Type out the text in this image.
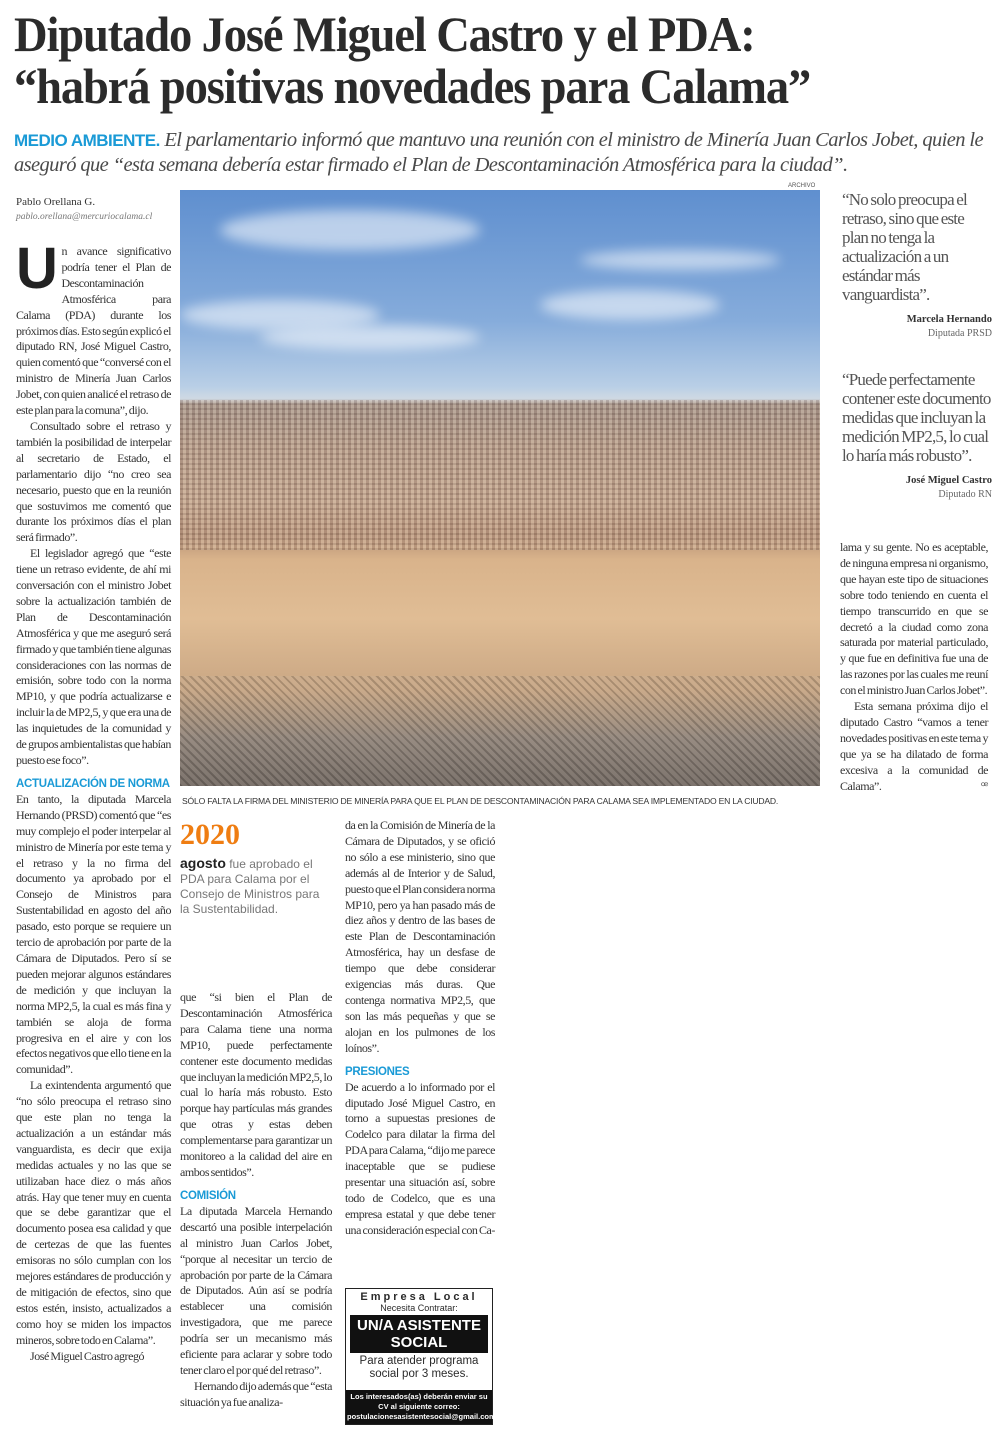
Diputado José Miguel Castro y el PDA:
“habrá positivas novedades para Calama”
MEDIO AMBIENTE. El parlamentario informó que mantuvo una reunión con el ministro de Minería Juan Carlos Jobet, quien le aseguró que “esta semana debería estar firmado el Plan de Descontaminación Atmosférica para la ciudad”.
Pablo Orellana G.
pablo.orellana@mercuriocalama.cl
ARCHIVO
SÓLO FALTA LA FIRMA DEL MINISTERIO DE MINERÍA PARA QUE EL PLAN DE DESCONTAMINACIÓN PARA CALAMA SEA IMPLEMENTADO EN LA CIUDAD.
“No solo preocupa el retraso, sino que este plan no tenga la actualización a un estándar más vanguardista”.
Marcela Hernando
Diputada PRSD
“Puede perfectamente contener este documento medidas que incluyan la medición MP2,5, lo cual lo haría más robusto”.
José Miguel Castro
Diputado RN

Un avance significativo podría tener el Plan de Descontaminación Atmosférica para Calama (PDA) durante los próximos días. Esto según explicó el diputado RN, José Miguel Castro, quien comentó que “conversé con el ministro de Minería Juan Carlos Jobet, con quien analicé el retraso de este plan para la comuna”, dijo.

Consultado sobre el retraso y también la posibilidad de interpelar al secretario de Estado, el parlamentario dijo “no creo sea necesario, puesto que en la reunión que sostuvimos me comentó que durante los próximos días el plan será firmado”.

El legislador agregó que “este tiene un retraso evidente, de ahí mi conversación con el ministro Jobet sobre la actualización también de Plan de Descontaminación Atmosférica y que me aseguró será firmado y que también tiene algunas consideraciones con las normas de emisión, sobre todo con la norma MP10, y que podría actualizarse e incluir la de MP2,5, y que era una de las inquietudes de la comunidad y de grupos ambientalistas que habían puesto ese foco”.

ACTUALIZACIÓN DE NORMA

En tanto, la diputada Marcela Hernando (PRSD) comentó que “es muy complejo el poder interpelar al ministro de Minería por este tema y el retraso y la no firma del documento ya aprobado por el Consejo de Ministros para Sustentabilidad en agosto del año pasado, esto porque se requiere un tercio de aprobación por parte de la Cámara de Diputados. Pero sí se pueden mejorar algunos estándares de medición y que incluyan la norma MP2,5, la cual es más fina y también se aloja de forma progresiva en el aire y con los efectos negativos que ello tiene en la comunidad”.

La exintendenta argumentó que “no sólo preocupa el retraso sino que este plan no tenga la actualización a un estándar más vanguardista, es decir que exija medidas actuales y no las que se utilizaban hace diez o más años atrás. Hay que tener muy en cuenta que se debe garantizar que el documento posea esa calidad y que de certezas de que las fuentes emisoras no sólo cumplan con los mejores estándares de producción y de mitigación de efectos, sino que estos estén, insisto, actualizados a como hoy se miden los impactos mineros, sobre todo en Calama”.

José Miguel Castro agregó

2020
agosto fue aprobado el PDA para Calama por el Consejo de Ministros para la Sustentabilidad.

que “si bien el Plan de Descontaminación Atmosférica para Calama tiene una norma MP10, puede perfectamente contener este documento medidas que incluyan la medición MP2,5, lo cual lo haría más robusto. Esto porque hay partículas más grandes que otras y estas deben complementarse para garantizar un monitoreo a la calidad del aire en ambos sentidos”.

COMISIÓN

La diputada Marcela Hernando descartó una posible interpelación al ministro Juan Carlos Jobet, “porque al necesitar un tercio de aprobación por parte de la Cámara de Diputados. Aún así se podría establecer una comisión investigadora, que me parece podría ser un mecanismo más eficiente para aclarar y sobre todo tener claro el por qué del retraso”.

Hernando dijo además que “esta situación ya fue analiza-

da en la Comisión de Minería de la Cámara de Diputados, y se ofició no sólo a ese ministerio, sino que además al de Interior y de Salud, puesto que el Plan considera norma MP10, pero ya han pasado más de diez años y dentro de las bases de este Plan de Descontaminación Atmosférica, hay un desfase de tiempo que debe considerar exigencias más duras. Que contenga normativa MP2,5, que son las más pequeñas y que se alojan en los pulmones de los loínos”.

PRESIONES

De acuerdo a lo informado por el diputado José Miguel Castro, en torno a supuestas presiones de Codelco para dilatar la firma del PDA para Calama, “dijo me parece inaceptable que se pudiese presentar una situación así, sobre todo de Codelco, que es una empresa estatal y que debe tener una consideración especial con Ca-

lama y su gente. No es aceptable, de ninguna empresa ni organismo, que hayan este tipo de situaciones sobre todo teniendo en cuenta el tiempo transcurrido en que se decretó a la ciudad como zona saturada por material particulado, y que fue en definitiva fue una de las razones por las cuales me reuní con el ministro Juan Carlos Jobet”.

Esta semana próxima dijo el diputado Castro “vamos a tener novedades positivas en este tema y que ya se ha dilatado de forma excesiva a la comunidad de Calama”.	ꟹ

Empresa Local
Necesita Contratar:
UN/A ASISTENTE SOCIAL
Para atender programa social por 3 meses.
Los interesados(as) deberán enviar su CV al siguiente correo:
postulacionesasistentesocial@gmail.com
